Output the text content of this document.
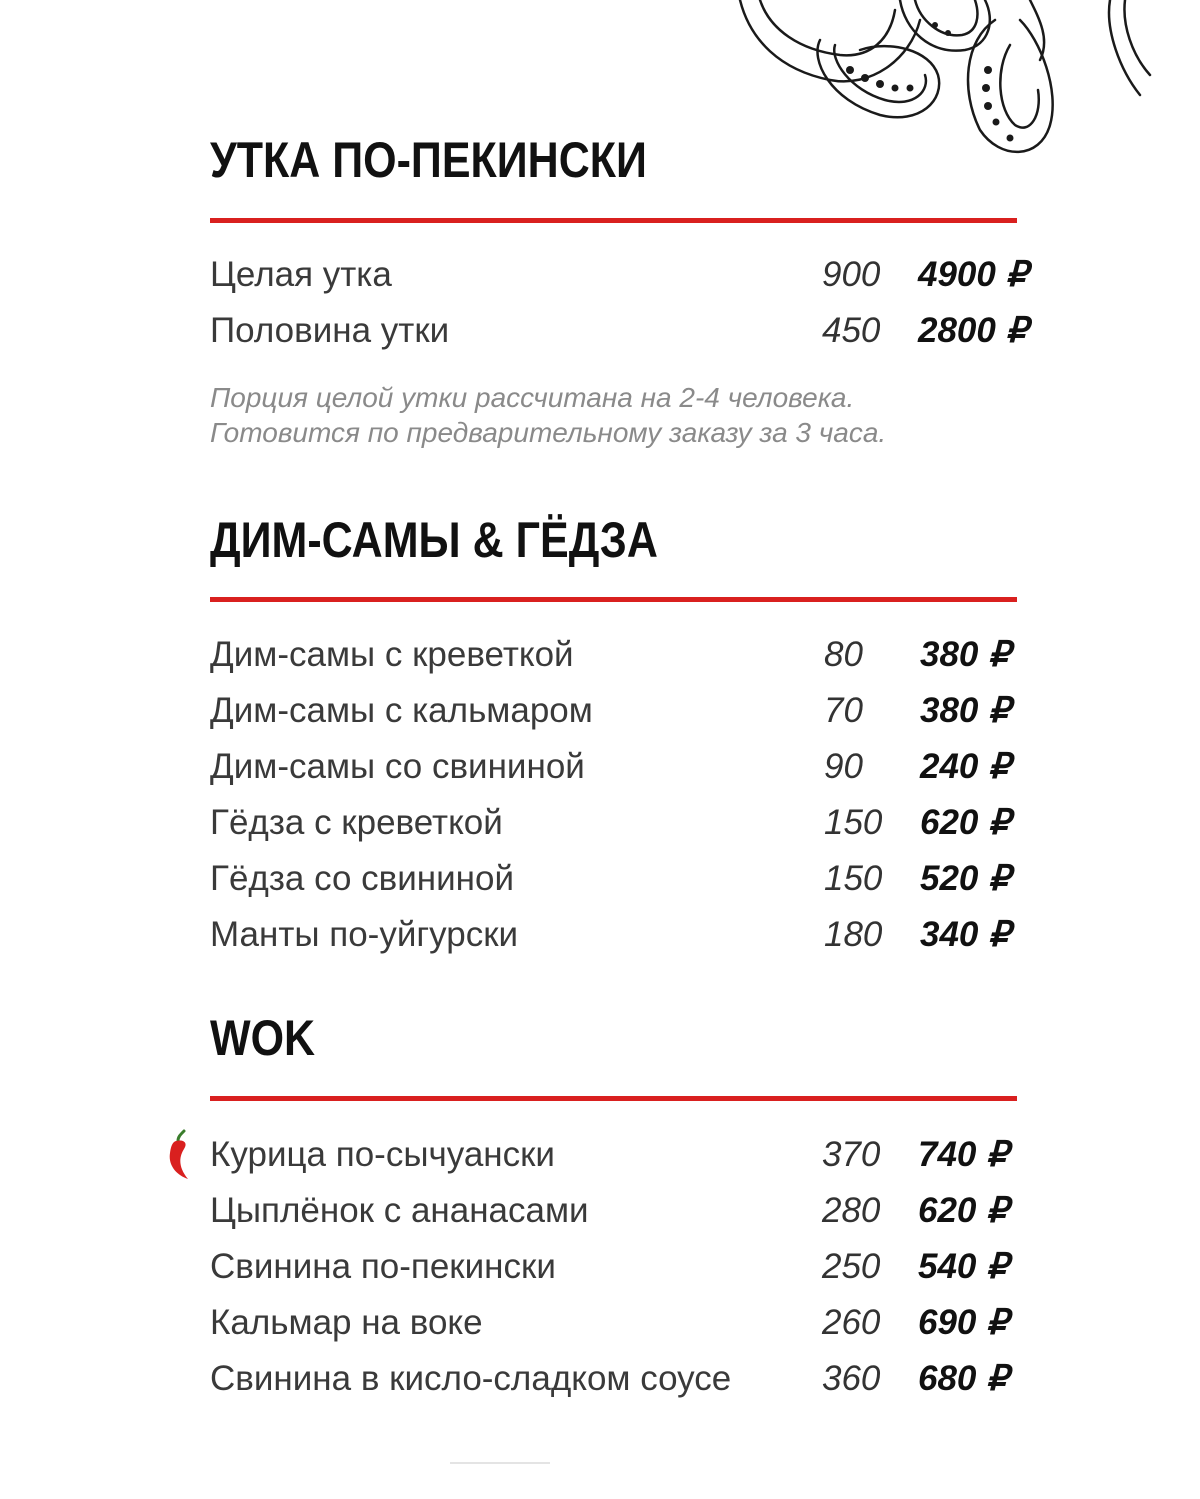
УТКА ПО-ПЕКИНСКИ
Целая утка	900 4900 ₽
Половина утки	450 2800 ₽
Порция целой утки рассчитана на 2-4 человека.
Готовится по предварительному заказу за 3 часа.
ДИМ-САМЫ & ГЁДЗА
Дим-самы с креветкой	80 380 ₽
Дим-самы с кальмаром	70 380 ₽
Дим-самы со свининой	90 240 ₽
Гёдза с креветкой	150 620 ₽
Гёдза со свининой	150 520 ₽
Манты по-уйгурски	180 340 ₽
WOK
Курица по-сычуански	370 740 ₽
Цыплёнок с ананасами	280 620 ₽
Свинина по-пекински	250 540 ₽
Кальмар на воке	260 690 ₽
Свинина в кисло-сладком соусе	360 680 ₽
